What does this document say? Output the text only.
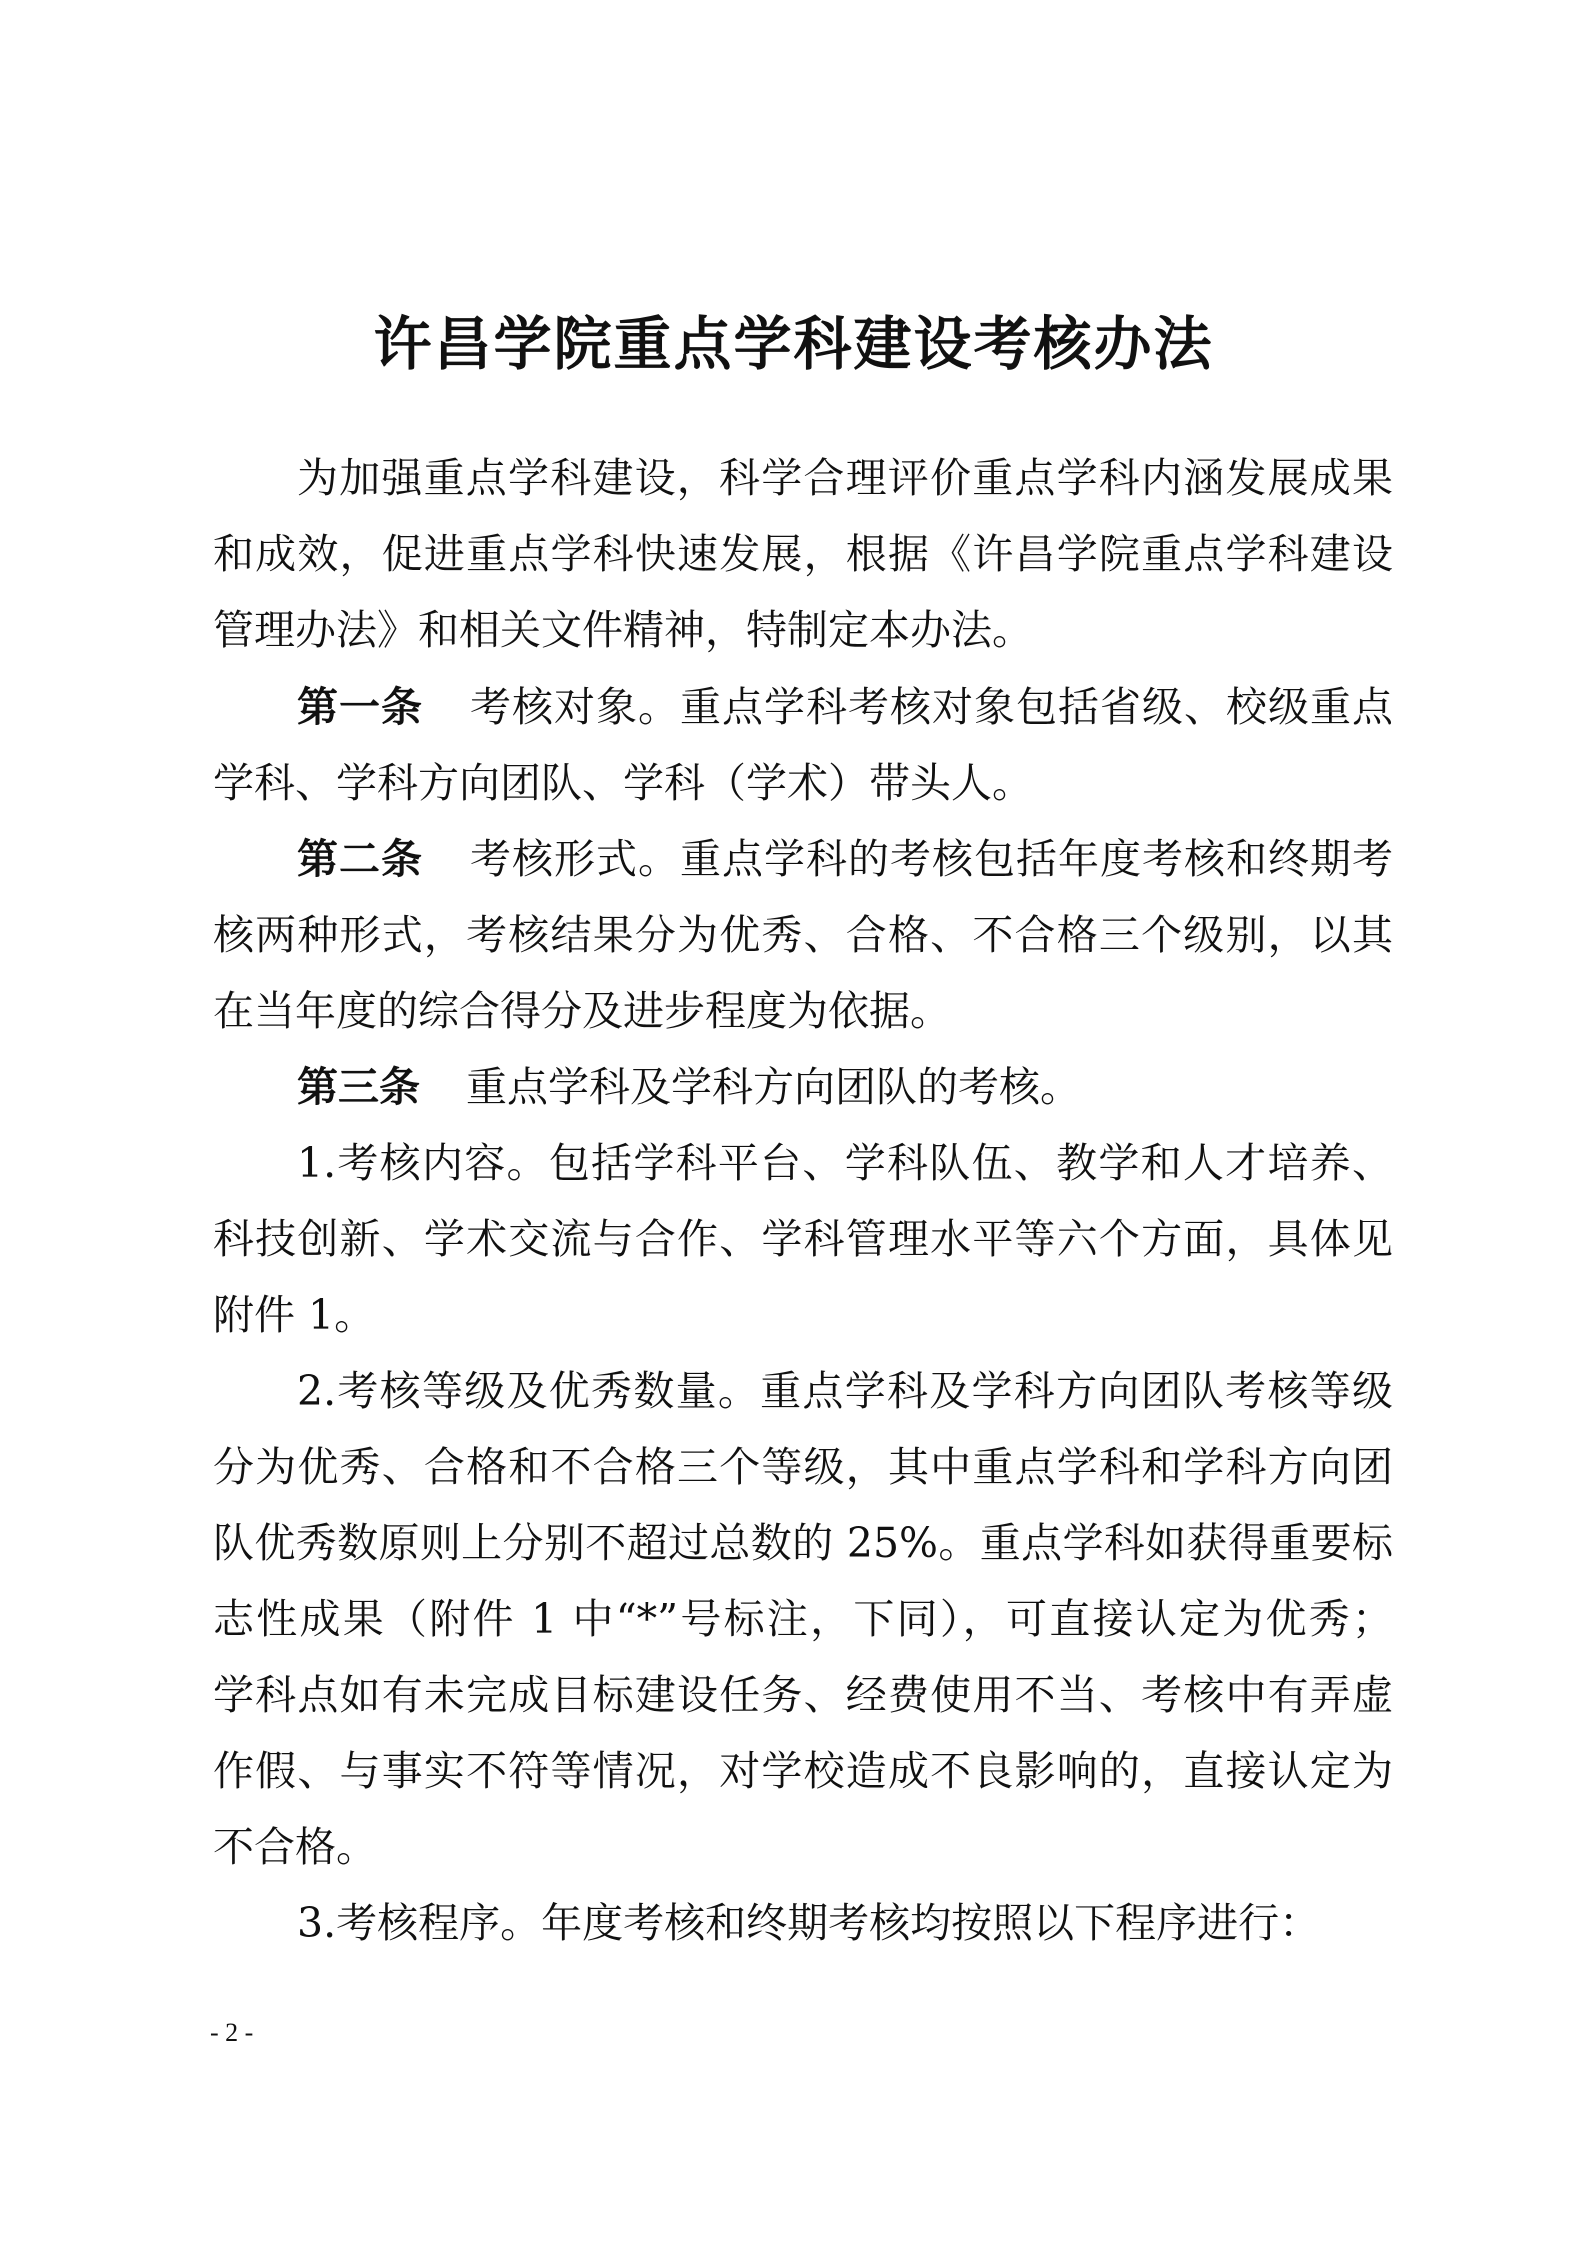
许昌学院重点学科建设考核办法

为加强重点学科建设，科学合理评价重点学科内涵发展成果

和成效，促进重点学科快速发展，根据《许昌学院重点学科建设

管理办法》和相关文件精神，特制定本办法。

第一条 考核对象。重点学科考核对象包括省级、校级重点

学科、学科方向团队、学科（学术）带头人。

第二条 考核形式。重点学科的考核包括年度考核和终期考

核两种形式，考核结果分为优秀、合格、不合格三个级别，以其

在当年度的综合得分及进步程度为依据。

第三条 重点学科及学科方向团队的考核。

1.考核内容。包括学科平台、学科队伍、教学和人才培养、

科技创新、学术交流与合作、学科管理水平等六个方面，具体见

附件 1。

2.考核等级及优秀数量。重点学科及学科方向团队考核等级

分为优秀、合格和不合格三个等级，其中重点学科和学科方向团

队优秀数原则上分别不超过总数的 25%。重点学科如获得重要标

志性成果（附件 1 中“*”号标注，下同），可直接认定为优秀；

学科点如有未完成目标建设任务、经费使用不当、考核中有弄虚

作假、与事实不符等情况，对学校造成不良影响的，直接认定为

不合格。

3.考核程序。年度考核和终期考核均按照以下程序进行：

- 2 -
